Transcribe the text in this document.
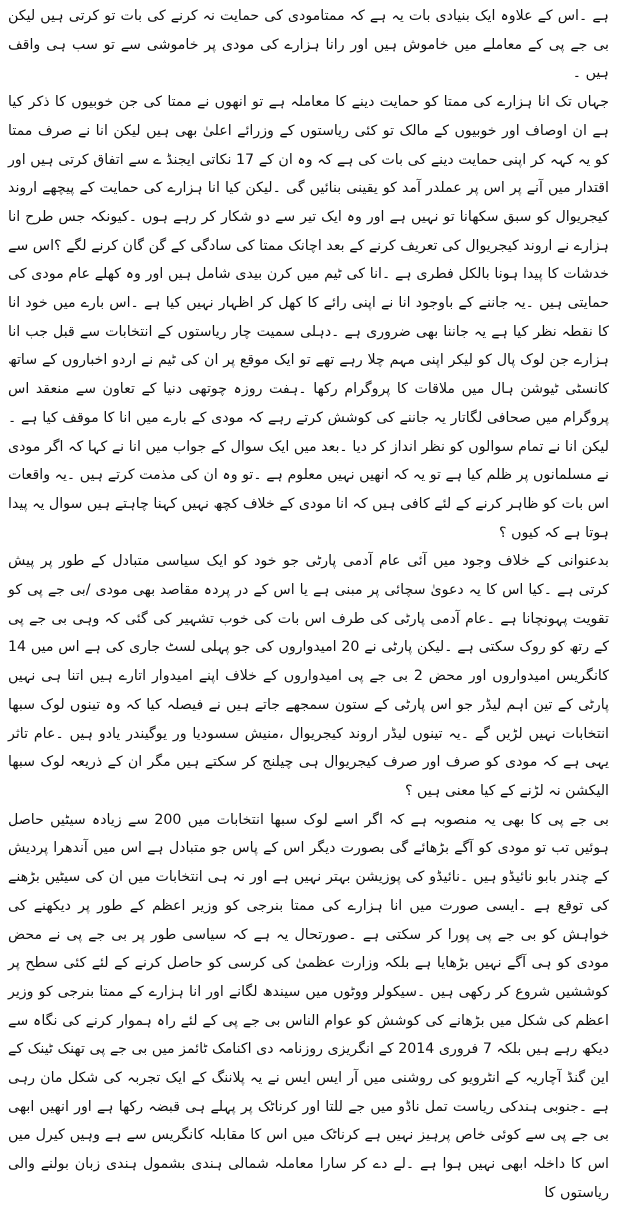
ہے ۔اس کے علاوہ ایک بنیادی بات یہ ہے کہ ممتامودی کی حمایت نہ کرنے کی بات تو کرتی ہیں لیکن بی جے پی کے معاملے میں خاموش ہیں اور رانا ہزارے کی مودی پر خاموشی سے تو سب ہی واقف ہیں ۔

جہاں تک انا ہزارے کی ممتا کو حمایت دینے کا معاملہ ہے تو انھوں نے ممتا کی جن خوبیوں کا ذکر کیا ہے ان اوصاف اور خوبیوں کے مالک تو کئی ریاستوں کے وزرائے اعلیٰ بھی ہیں لیکن انا نے صرف ممتا کو یہ کہہ کر اپنی حمایت دینے کی بات کی ہے کہ وہ ان کے 17 نکاتی ایجنڈ ے سے اتفاق کرتی ہیں اور اقتدار میں آنے پر اس پر عملدر آمد کو یقینی بنائیں گی ۔لیکن کیا انا ہزارے کی حمایت کے پیچھے اروند کیجریوال کو سبق سکھانا تو نہیں ہے اور وہ ایک تیر سے دو شکار کر رہے ہوں ۔کیونکہ جس طرح انا ہزارے نے اروند کیجریوال کی تعریف کرنے کے بعد اچانک ممتا کی سادگی کے گن گان کرنے لگے ؟اس سے خدشات کا پیدا ہونا بالکل فطری ہے ۔انا کی ٹیم میں کرن بیدی شامل ہیں اور وہ کھلے عام مودی کی حمایتی ہیں ۔یہ جاننے کے باوجود انا نے اپنی رائے کا کھل کر اظہار نہیں کیا ہے ۔اس بارے میں خود انا کا نقطہ نظر کیا ہے یہ جاننا بھی ضروری ہے ۔دہلی سمیت چار ریاستوں کے انتخابات سے قبل جب انا ہزارے جن لوک پال کو لیکر اپنی مہم چلا رہے تھے تو ایک موقع پر ان کی ٹیم نے اردو اخباروں کے ساتھ کانسٹی ٹیوشن ہال میں ملاقات کا پروگرام رکھا ۔ہفت روزہ چوتھی دنیا کے تعاون سے منعقد اس پروگرام میں صحافی لگاتار یہ جاننے کی کوشش کرتے رہے کہ مودی کے بارے میں انا کا موقف کیا ہے ۔لیکن انا نے تمام سوالوں کو نظر انداز کر دیا ۔بعد میں ایک سوال کے جواب میں انا نے کہا کہ اگر مودی نے مسلمانوں پر ظلم کیا ہے تو یہ کہ انھیں نہیں معلوم ہے ۔تو وہ ان کی مذمت کرتے ہیں ۔یہ واقعات اس بات کو ظاہر کرنے کے لئے کافی ہیں کہ انا مودی کے خلاف کچھ نہیں کہنا چاہتے ہیں سوال یہ پیدا ہوتا ہے کہ کیوں ؟

بدعنوانی کے خلاف وجود میں آئی عام آدمی پارٹی جو خود کو ایک سیاسی متبادل کے طور پر پیش کرتی ہے ۔کیا اس کا یہ دعویٰ سچائی پر مبنی ہے یا اس کے در پردہ مقاصد بھی مودی /بی جے پی کو تقویت پہونچانا ہے ۔عام آدمی پارٹی کی طرف اس بات کی خوب تشہیر کی گئی کہ وہی بی جے پی کے رتھ کو روک سکتی ہے ۔لیکن پارٹی نے 20 امیدواروں کی جو پہلی لسٹ جاری کی ہے اس میں 14 کانگریس امیدواروں اور محض 2 بی جے پی امیدواروں کے خلاف اپنے امیدوار اتارے ہیں اتنا ہی نہیں پارٹی کے تین اہم لیڈر جو اس پارٹی کے ستون سمجھے جاتے ہیں نے فیصلہ کیا کہ وہ تینوں لوک سبھا انتخابات نہیں لڑیں گے ۔یہ تینوں لیڈر اروند کیجریوال ،منیش سسودیا ور یوگیندر یادو ہیں ۔عام تاثر یہی ہے کہ مودی کو صرف اور صرف کیجریوال ہی چیلنج کر سکتے ہیں مگر ان کے ذریعہ لوک سبھا الیکشن نہ لڑنے کے کیا معنی ہیں ؟

بی جے پی کا بھی یہ منصوبہ ہے کہ اگر اسے لوک سبھا انتخابات میں 200 سے زیادہ سیٹیں حاصل ہوئیں تب تو مودی کو آگے بڑھائے گی بصورت دیگر اس کے پاس جو متبادل ہے اس میں آندھرا پردیش کے چندر بابو نائیڈو ہیں ۔نائیڈو کی پوزیشن بہتر نہیں ہے اور نہ ہی انتخابات میں ان کی سیٹیں بڑھنے کی توقع ہے ۔ایسی صورت میں انا ہزارے کی ممتا بنرجی کو وزیر اعظم کے طور پر دیکھنے کی خواہش کو بی جے پی پورا کر سکتی ہے ۔صورتحال یہ ہے کہ سیاسی طور پر بی جے پی نے محض مودی کو ہی آگے نہیں بڑھایا ہے بلکہ وزارت عظمیٰ کی کرسی کو حاصل کرنے کے لئے کئی سطح پر کوششیں شروع کر رکھی ہیں ۔سیکولر ووٹوں میں سیندھ لگانے اور انا ہزارے کے ممتا بنرجی کو وزیر اعظم کی شکل میں بڑھانے کی کوشش کو عوام الناس بی جے پی کے لئے راہ ہموار کرنے کی نگاہ سے دیکھ رہے ہیں بلکہ 7 فروری 2014 کے انگریزی روزنامہ دی اکنامک ٹائمز میں بی جے پی تھنک ٹینک کے این گنڈ آچاریہ کے انٹرویو کی روشنی میں آر ایس ایس نے یہ پلاننگ کے ایک تجربہ کی شکل مان رہی ہے ۔جنوبی ہندکی ریاست تمل ناڈو میں جے للتا اور کرناٹک پر پہلے ہی قبضہ رکھا ہے اور انھیں ابھی بی جے پی سے کوئی خاص پرہیز نہیں ہے کرناٹک میں اس کا مقابلہ کانگریس سے ہے وہیں کیرل میں اس کا داخلہ ابھی نہیں ہوا ہے ۔لے دے کر سارا معاملہ شمالی ہندی بشمول ہندی زبان بولنے والی ریاستوں کا
